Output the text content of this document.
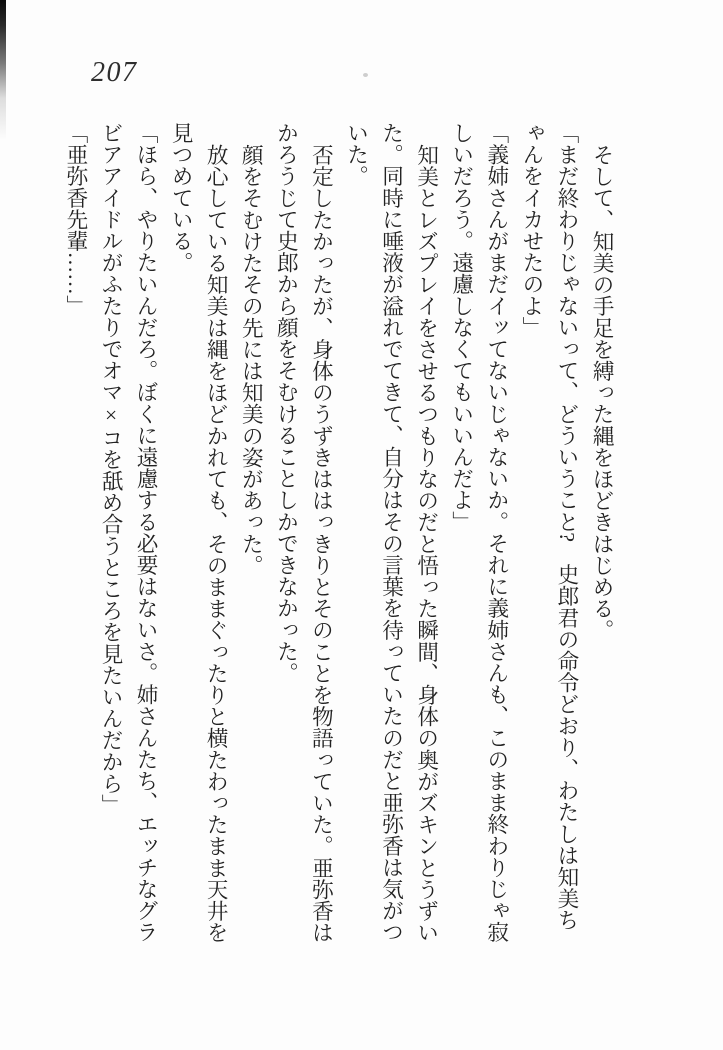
207
そして、知美の手足を縛った縄をほどきはじめる。
「まだ終わりじゃないって、どういうこと?　史郎君の命令どおり、わたしは知美ち
ゃんをイカせたのよ」
「義姉さんがまだイッてないじゃないか。それに義姉さんも、このまま終わりじゃ寂
しいだろう。遠慮しなくてもいいんだよ」
知美とレズプレイをさせるつもりなのだと悟った瞬間、身体の奥がズキンとうずい
た。同時に唾液が溢れでてきて、自分はその言葉を待っていたのだと亜弥香は気がつ
いた。
否定したかったが、身体のうずきははっきりとそのことを物語っていた。亜弥香は
かろうじて史郎から顔をそむけることしかできなかった。
顔をそむけたその先には知美の姿があった。
放心している知美は縄をほどかれても、そのままぐったりと横たわったまま天井を
見つめている。
「ほら、やりたいんだろ。ぼくに遠慮する必要はないさ。姉さんたち、エッチなグラ
ビアアイドルがふたりでオマ×コを舐め合うところを見たいんだから」
「亜弥香先輩……」
